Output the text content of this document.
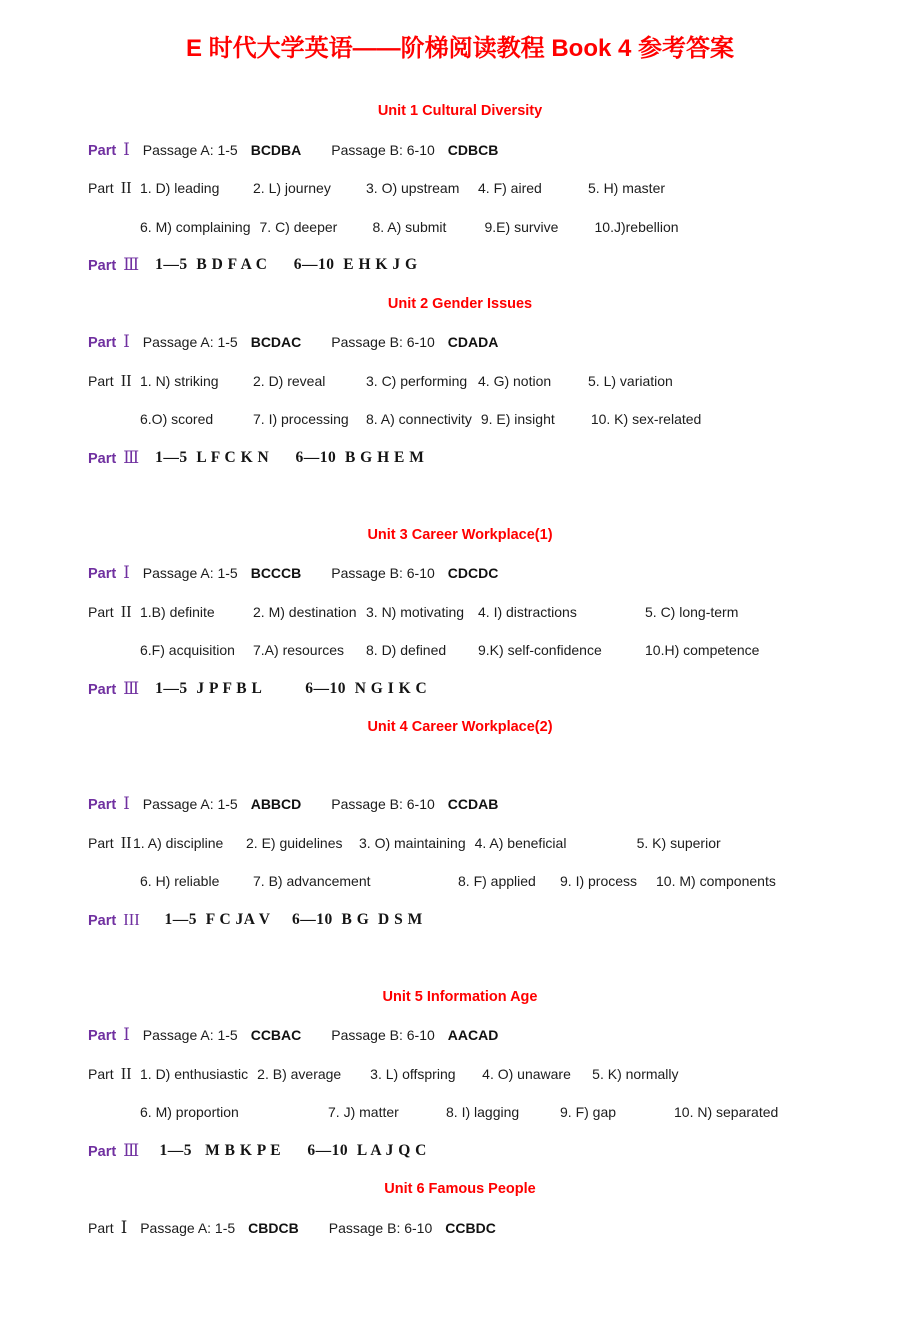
E 时代大学英语——阶梯阅读教程 Book 4 参考答案
Unit 1 Cultural Diversity
Part Ⅰ Passage A: 1-5 BCDBA Passage B: 6-10 CDBCB
Part II 1. D) leading	2. L) journey	3. O) upstream	4. F) aired	5. H) master
6. M) complaining 7. C) deeper	8. A) submit	9.E) survive	10.J)rebellion
Part Ⅲ 1—5  B D F A C      6—10  E H K J G
Unit 2 Gender Issues
Part Ⅰ Passage A: 1-5 BCDAC Passage B: 6-10 CDADA
Part II 1. N) striking	2. D) reveal	3. C) performing 4. G) notion	5. L) variation
6.O) scored	7. I) processing	8. A) connectivity 9. E) insight	10. K) sex-related
Part Ⅲ 1—5  L F C K N      6—10  B G H E M
Unit 3 Career Workplace(1)
Part Ⅰ Passage A: 1-5 BCCCB Passage B: 6-10 CDCDC
Part II 1.B) definite	2. M) destination 3. N) motivating 4. I) distractions	5. C) long-term
6.F) acquisition	7.A) resources	8. D) defined	9.K) self-confidence	10.H) competence
Part Ⅲ 1—5  J P F B L          6—10  N G I K C
Unit 4 Career Workplace(2)
Part Ⅰ Passage A: 1-5 ABBCD Passage B: 6-10 CCDAB
Part II 1. A) discipline	2. E) guidelines	3. O) maintaining 4. A) beneficial	5. K) superior
6. H) reliable	7. B) advancement	8. F) applied	9. I) process	10. M) components
Part III 1—5  F C JA V     6—10  B G  D S M
Unit 5 Information Age
Part Ⅰ Passage A: 1-5 CCBAC Passage B: 6-10 AACAD
Part II 1. D) enthusiastic 2. B) average	3. L) offspring	4. O) unaware	5. K) normally
6. M) proportion	7. J) matter	8. I) lagging	9. F) gap	10. N) separated
Part Ⅲ 1—5   M B K P E      6—10  L A J Q C
Unit 6 Famous People
Part Ⅰ Passage A: 1-5 CBDCB Passage B: 6-10 CCBDC
